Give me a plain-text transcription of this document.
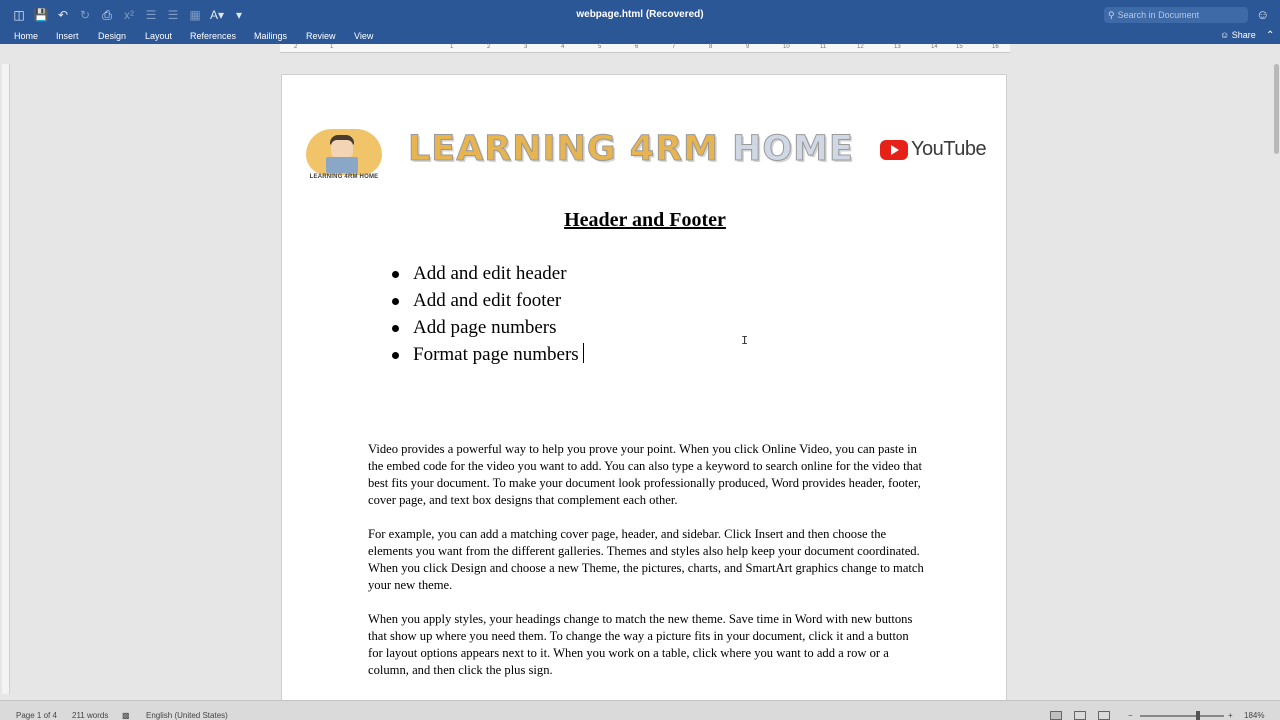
◫ 💾 ↶ ↻	⎙	x² ☰ ☰ ▦ A▾ ▾	webpage.html (Recovered)	⚲
Search in Document	☺
Home Insert Design Layout References Mailings Review View	☺ Share ⌃
2	1	1	2	3	4	5	6	7	8	9	10	11	12	13	14	15	16
LEARNING 4RM HOME
LEARNING 4RM HOME	YouTube
Header and Footer
Add and edit header
Add and edit footer
Add page numbers
Format page numbers
I

Video provides a powerful way to help you prove your point. When you click Online Video, you can paste in the embed code for the video you want to add. You can also type a keyword to search online for the video that best fits your document. To make your document look professionally produced, Word provides header, footer, cover page, and text box designs that complement each other.

For example, you can add a matching cover page, header, and sidebar. Click Insert and then choose the elements you want from the different galleries. Themes and styles also help keep your document coordinated. When you click Design and choose a new Theme, the pictures, charts, and SmartArt graphics change to match your new theme.

When you apply styles, your headings change to match the new theme. Save time in Word with new buttons that show up where you need them. To change the way a picture fits in your document, click it and a button for layout options appears next to it. When you work on a table, click where you want to add a row or a column, and then click the plus sign.

Page 1 of 4 211 words ▩ English (United States)	−	+ 184%
